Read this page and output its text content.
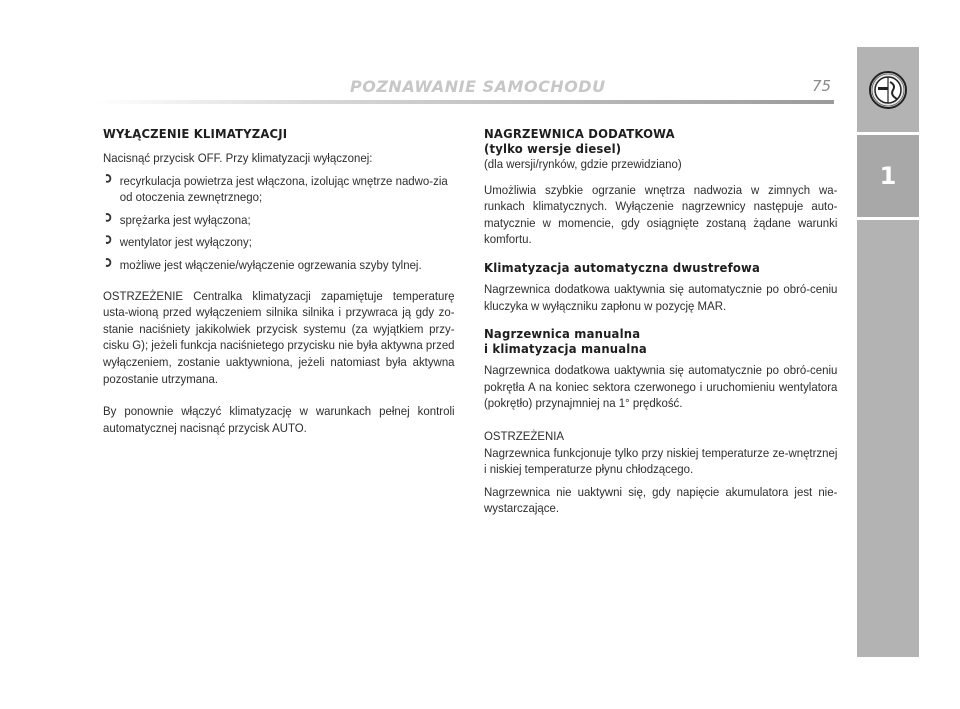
POZNAWANIE SAMOCHODU	75
1

WYŁĄCZENIE KLIMATYZACJI

Nacisnąć przycisk OFF. Przy klimatyzacji wyłączonej:

recyrkulacja powietrza jest włączona, izolując wnętrze nadwo-zia od otoczenia zewnętrznego;
sprężarka jest wyłączona;
wentylator jest wyłączony;
możliwe jest włączenie/wyłączenie ogrzewania szyby tylnej.

OSTRZEŻENIE Centralka klimatyzacji zapamiętuje temperaturę usta-wioną przed wyłączeniem silnika silnika i przywraca ją gdy zo-stanie naciśniety jakikolwiek przycisk systemu (za wyjątkiem przy-cisku G); jeżeli funkcja naciśnietego przycisku nie była aktywna przed wyłączeniem, zostanie uaktywniona, jeżeli natomiast była aktywna pozostanie utrzymana.

By ponownie włączyć klimatyzację w warunkach pełnej kontroli automatycznej nacisnąć przycisk AUTO.

NAGRZEWNICA DODATKOWA

(tylko wersje diesel)

(dla wersji/rynków, gdzie przewidziano)

Umożliwia szybkie ogrzanie wnętrza nadwozia w zimnych wa-runkach klimatycznych. Wyłączenie nagrzewnicy następuje auto-matycznie w momencie, gdy osiągnięte zostaną żądane warunki komfortu.

Klimatyzacja automatyczna dwustrefowa

Nagrzewnica dodatkowa uaktywnia się automatycznie po obró-ceniu kluczyka w wyłączniku zapłonu w pozycję MAR.

Nagrzewnica manualna

i klimatyzacja manualna

Nagrzewnica dodatkowa uaktywnia się automatycznie po obró-ceniu pokrętła A na koniec sektora czerwonego i uruchomieniu wentylatora (pokrętło) przynajmniej na 1° prędkość.

OSTRZEŻENIA

Nagrzewnica funkcjonuje tylko przy niskiej temperaturze ze-wnętrznej i niskiej temperaturze płynu chłodzącego.

Nagrzewnica nie uaktywni się, gdy napięcie akumulatora jest nie-wystarczające.
